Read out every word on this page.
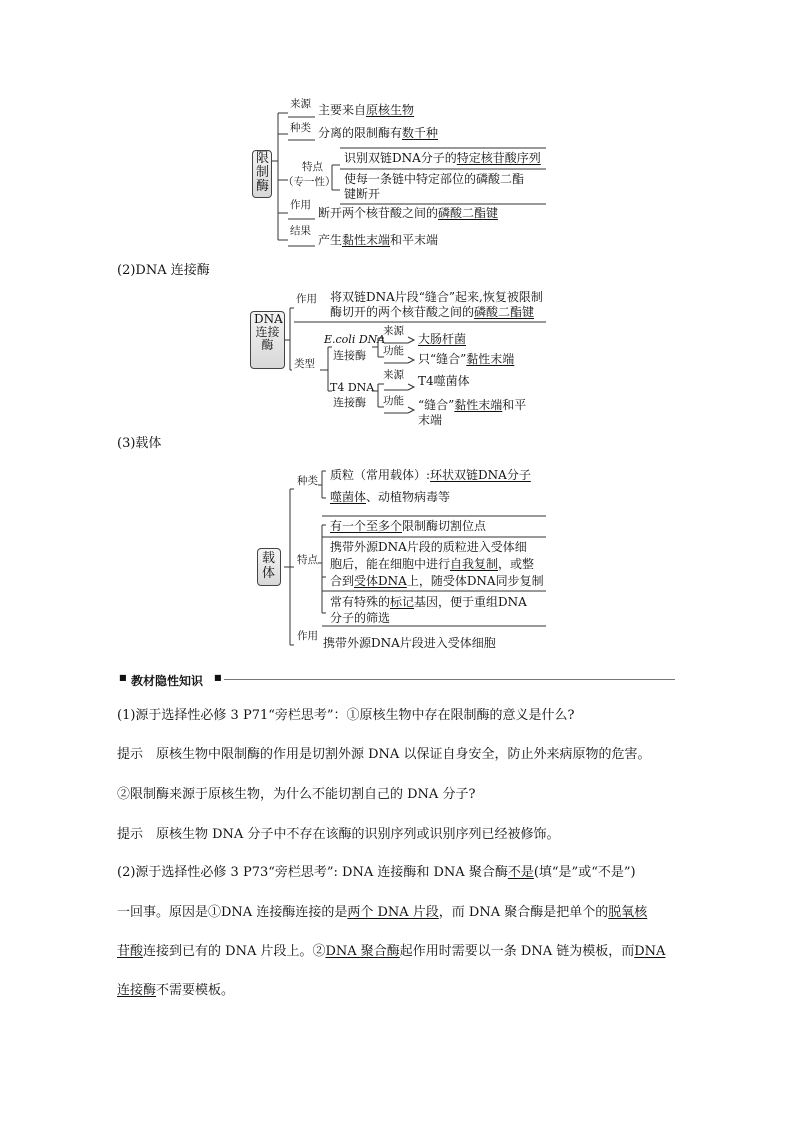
限制酶
来源 主要来自原核生物
种类 分离的限制酶有数千种
特点
（专一性）
识别双链DNA分子的特定核苷酸序列
使每一条链中特定部位的磷酸二酯
键断开
作用
断开两个核苷酸之间的磷酸二酯键
结果
产生黏性末端和平末端
(2)DNA 连接酶
DNA连接酶
作用 将双链DNA片段“缝合”起来,恢复被限制
酶切开的两个核苷酸之间的磷酸二酯键
类型
E.coli DNA
连接酶
来源
大肠杆菌
功能
只“缝合”黏性末端
T4 DNA
连接酶
来源 T4噬菌体
功能 “缝合”黏性末端和平
末端
(3)载体
载体
种类 质粒（常用载体）:环状双链DNA分子
噬菌体、动植物病毒等
特点
有一个至多个限制酶切割位点
携带外源DNA片段的质粒进入受体细
胞后，能在细胞中进行自我复制，或整
合到受体DNA上，随受体DNA同步复制
常有特殊的标记基因，便于重组DNA
分子的筛选
作用 携带外源DNA片段进入受体细胞
■ 教材隐性知识 ■
(1)源于选择性必修 3 P71“旁栏思考”：①原核生物中存在限制酶的意义是什么?
提示　原核生物中限制酶的作用是切割外源 DNA 以保证自身安全，防止外来病原物的危害。
②限制酶来源于原核生物，为什么不能切割自己的 DNA 分子?
提示　原核生物 DNA 分子中不存在该酶的识别序列或识别序列已经被修饰。
(2)源于选择性必修 3 P73“旁栏思考”: DNA 连接酶和 DNA 聚合酶不是(填“是”或“不是”)
一回事。原因是①DNA 连接酶连接的是两个 DNA 片段，而 DNA 聚合酶是把单个的脱氧核
苷酸连接到已有的 DNA 片段上。②DNA 聚合酶起作用时需要以一条 DNA 链为模板，而DNA
连接酶不需要模板。
